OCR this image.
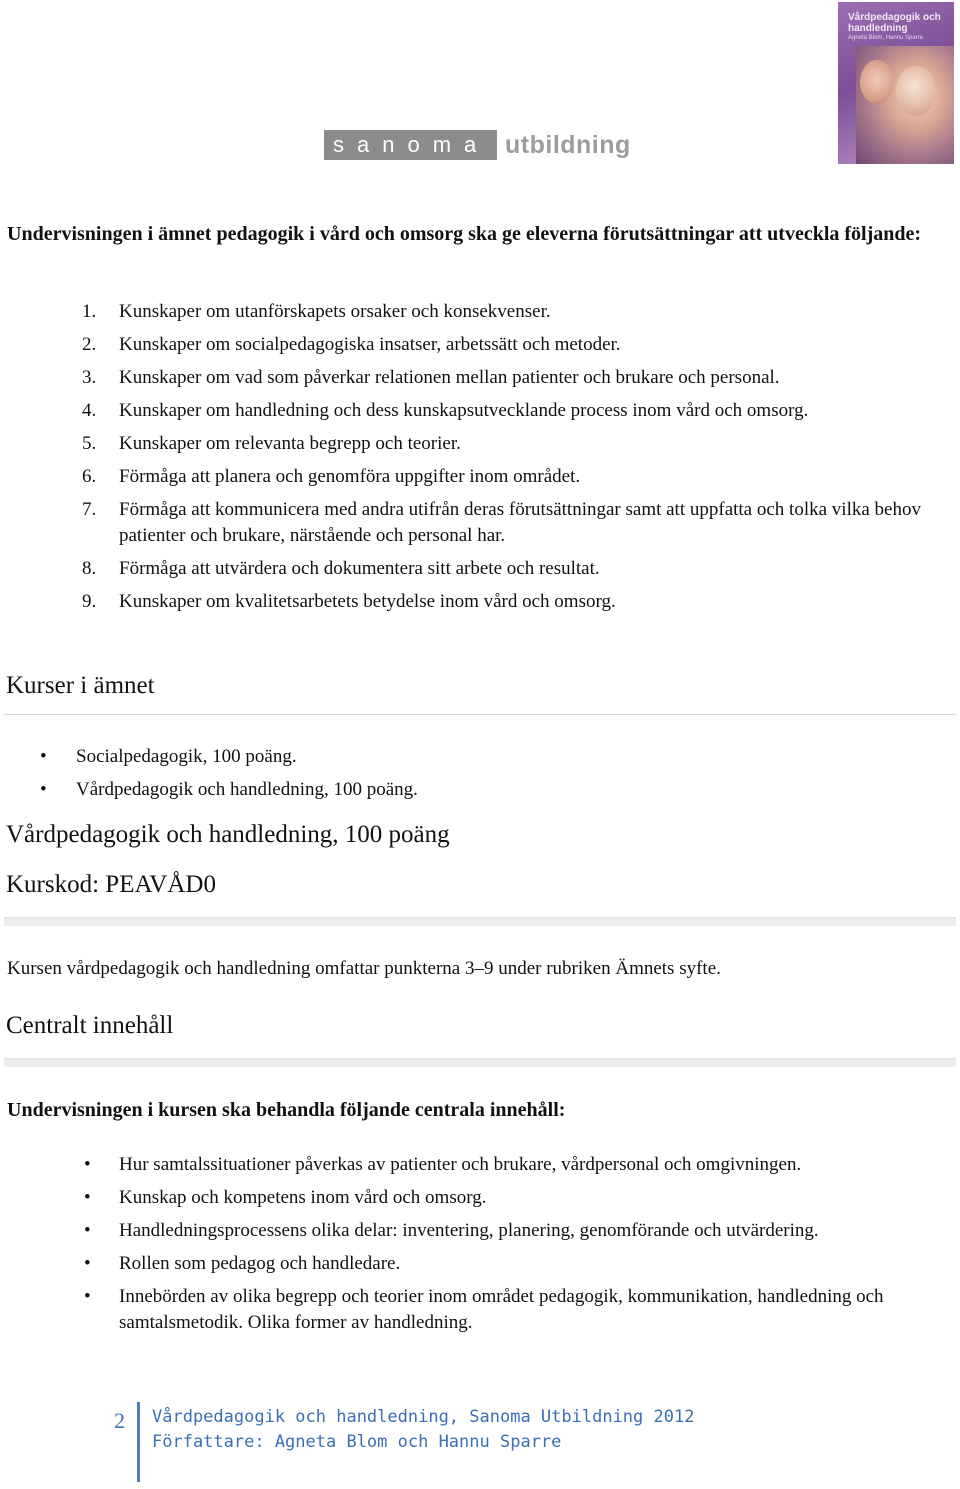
sanoma utbildning
Vårdpedagogik och handledning
Agneta Blom, Hannu Sparre
Undervisningen i ämnet pedagogik i vård och omsorg ska ge eleverna förutsättningar att utveckla följande:
1. Kunskaper om utanförskapets orsaker och konsekvenser.
2. Kunskaper om socialpedagogiska insatser, arbetssätt och metoder.
3. Kunskaper om vad som påverkar relationen mellan patienter och brukare och personal.
4. Kunskaper om handledning och dess kunskapsutvecklande process inom vård och omsorg.
5. Kunskaper om relevanta begrepp och teorier.
6. Förmåga att planera och genomföra uppgifter inom området.
7. Förmåga att kommunicera med andra utifrån deras förutsättningar samt att uppfatta och tolka vilka behov patienter och brukare, närstående och personal har.
8. Förmåga att utvärdera och dokumentera sitt arbete och resultat.
9. Kunskaper om kvalitetsarbetets betydelse inom vård och omsorg.
Kurser i ämnet
• Socialpedagogik, 100 poäng.
• Vårdpedagogik och handledning, 100 poäng.
Vårdpedagogik och handledning, 100 poäng
Kurskod: PEAVÅD0
Kursen vårdpedagogik och handledning omfattar punkterna 3–9 under rubriken Ämnets syfte.
Centralt innehåll
Undervisningen i kursen ska behandla följande centrala innehåll:
• Hur samtalssituationer påverkas av patienter och brukare, vårdpersonal och omgivningen.
• Kunskap och kompetens inom vård och omsorg.
• Handledningsprocessens olika delar: inventering, planering, genomförande och utvärdering.
• Rollen som pedagog och handledare.
• Innebörden av olika begrepp och teorier inom området pedagogik, kommunikation, handledning och samtalsmetodik. Olika former av handledning.
2 Vårdpedagogik och handledning, Sanoma Utbildning 2012
Författare: Agneta Blom och Hannu Sparre
